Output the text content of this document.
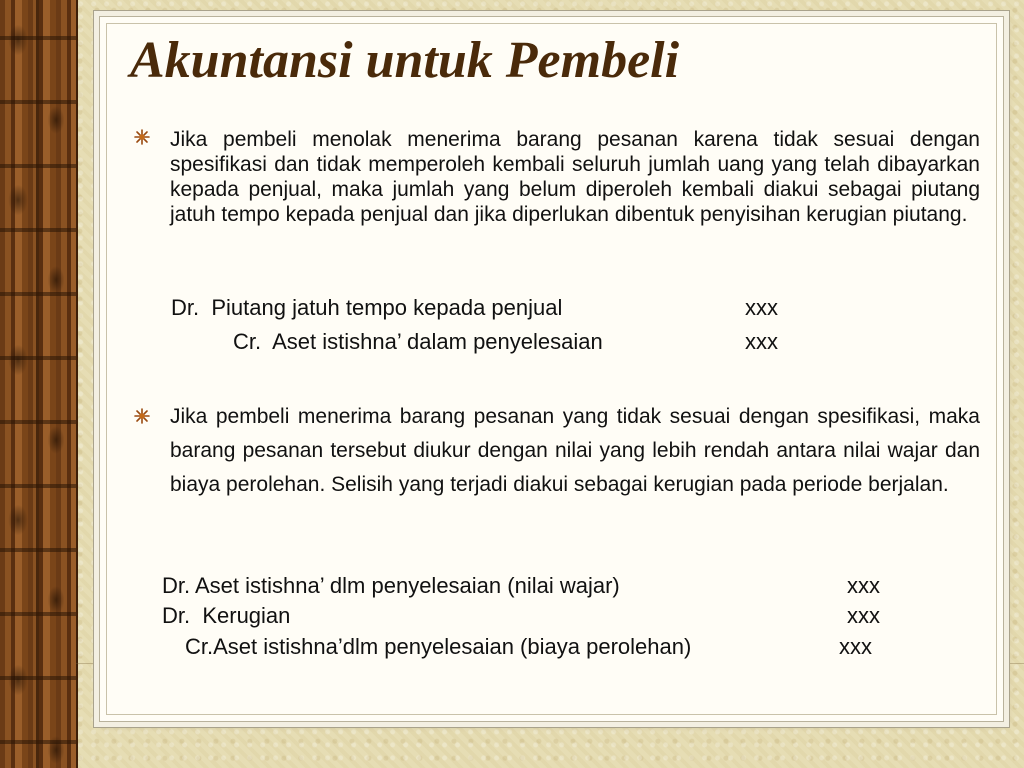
Akuntansi untuk Pembeli

Jika pembeli menolak menerima barang pesanan karena tidak sesuai dengan spesifikasi dan tidak memperoleh kembali seluruh jumlah uang yang telah dibayarkan kepada penjual, maka jumlah yang belum diperoleh kembali diakui sebagai piutang jatuh tempo kepada penjual dan jika diperlukan dibentuk penyisihan kerugian piutang.

Dr.  Piutang jatuh tempo kepada penjual	xxx
Cr.  Aset istishna’ dalam penyelesaian	xxx

Jika pembeli menerima barang pesanan yang tidak sesuai dengan spesifikasi, maka barang pesanan tersebut diukur dengan nilai yang lebih rendah antara nilai wajar dan biaya perolehan. Selisih yang terjadi diakui sebagai kerugian pada periode berjalan.

Dr. Aset istishna’ dlm penyelesaian (nilai wajar)	xxx
Dr.  Kerugian	xxx
Cr.Aset istishna’dlm penyelesaian (biaya perolehan)	xxx
